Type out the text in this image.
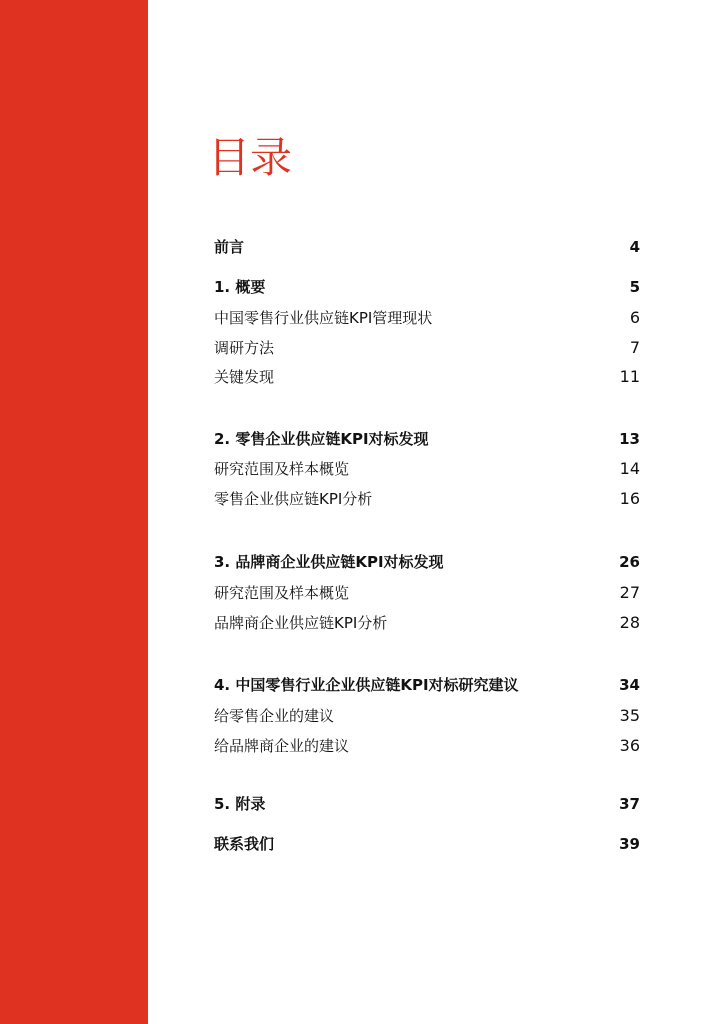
目录
前言	4
1. 概要	5
中国零售行业供应链KPI管理现状	6
调研方法	7
关键发现	11
2. 零售企业供应链KPI对标发现	13
研究范围及样本概览	14
零售企业供应链KPI分析	16
3. 品牌商企业供应链KPI对标发现	26
研究范围及样本概览	27
品牌商企业供应链KPI分析	28
4. 中国零售行业企业供应链KPI对标研究建议	34
给零售企业的建议	35
给品牌商企业的建议	36
5. 附录	37
联系我们	39
